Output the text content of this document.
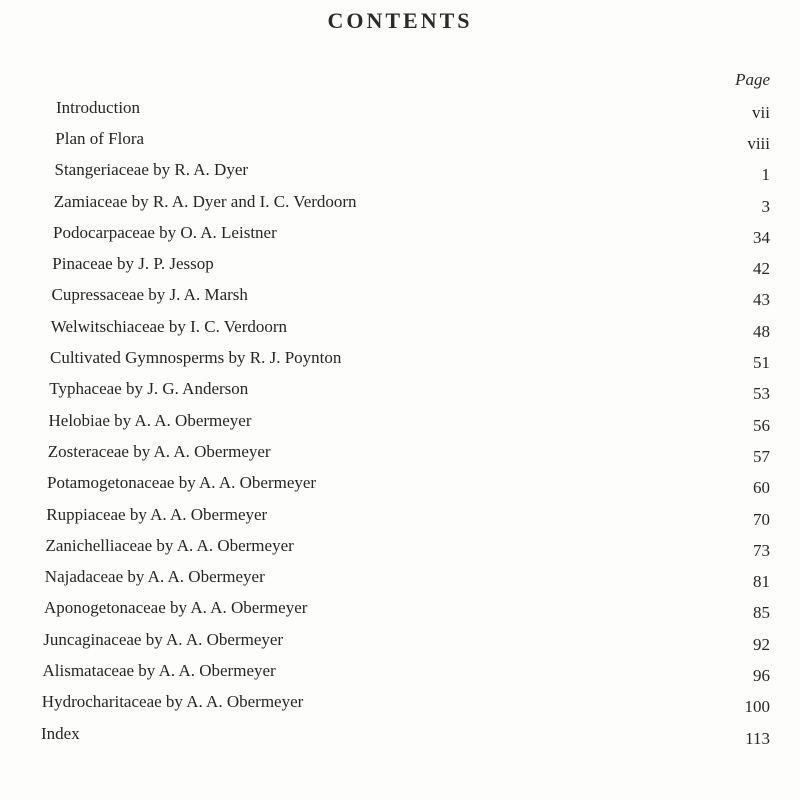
CONTENTS
Page
Introduction	vii
Plan of Flora	viii
Stangeriaceae by R. A. Dyer	1
Zamiaceae by R. A. Dyer and I. C. Verdoorn	3
Podocarpaceae by O. A. Leistner	34
Pinaceae by J. P. Jessop	42
Cupressaceae by J. A. Marsh	43
Welwitschiaceae by I. C. Verdoorn	48
Cultivated Gymnosperms by R. J. Poynton	51
Typhaceae by J. G. Anderson	53
Helobiae by A. A. Obermeyer	56
Zosteraceae by A. A. Obermeyer	57
Potamogetonaceae by A. A. Obermeyer	60
Ruppiaceae by A. A. Obermeyer	70
Zanichelliaceae by A. A. Obermeyer	73
Najadaceae by A. A. Obermeyer	81
Aponogetonaceae by A. A. Obermeyer	85
Juncaginaceae by A. A. Obermeyer	92
Alismataceae by A. A. Obermeyer	96
Hydrocharitaceae by A. A. Obermeyer	100
Index	113
